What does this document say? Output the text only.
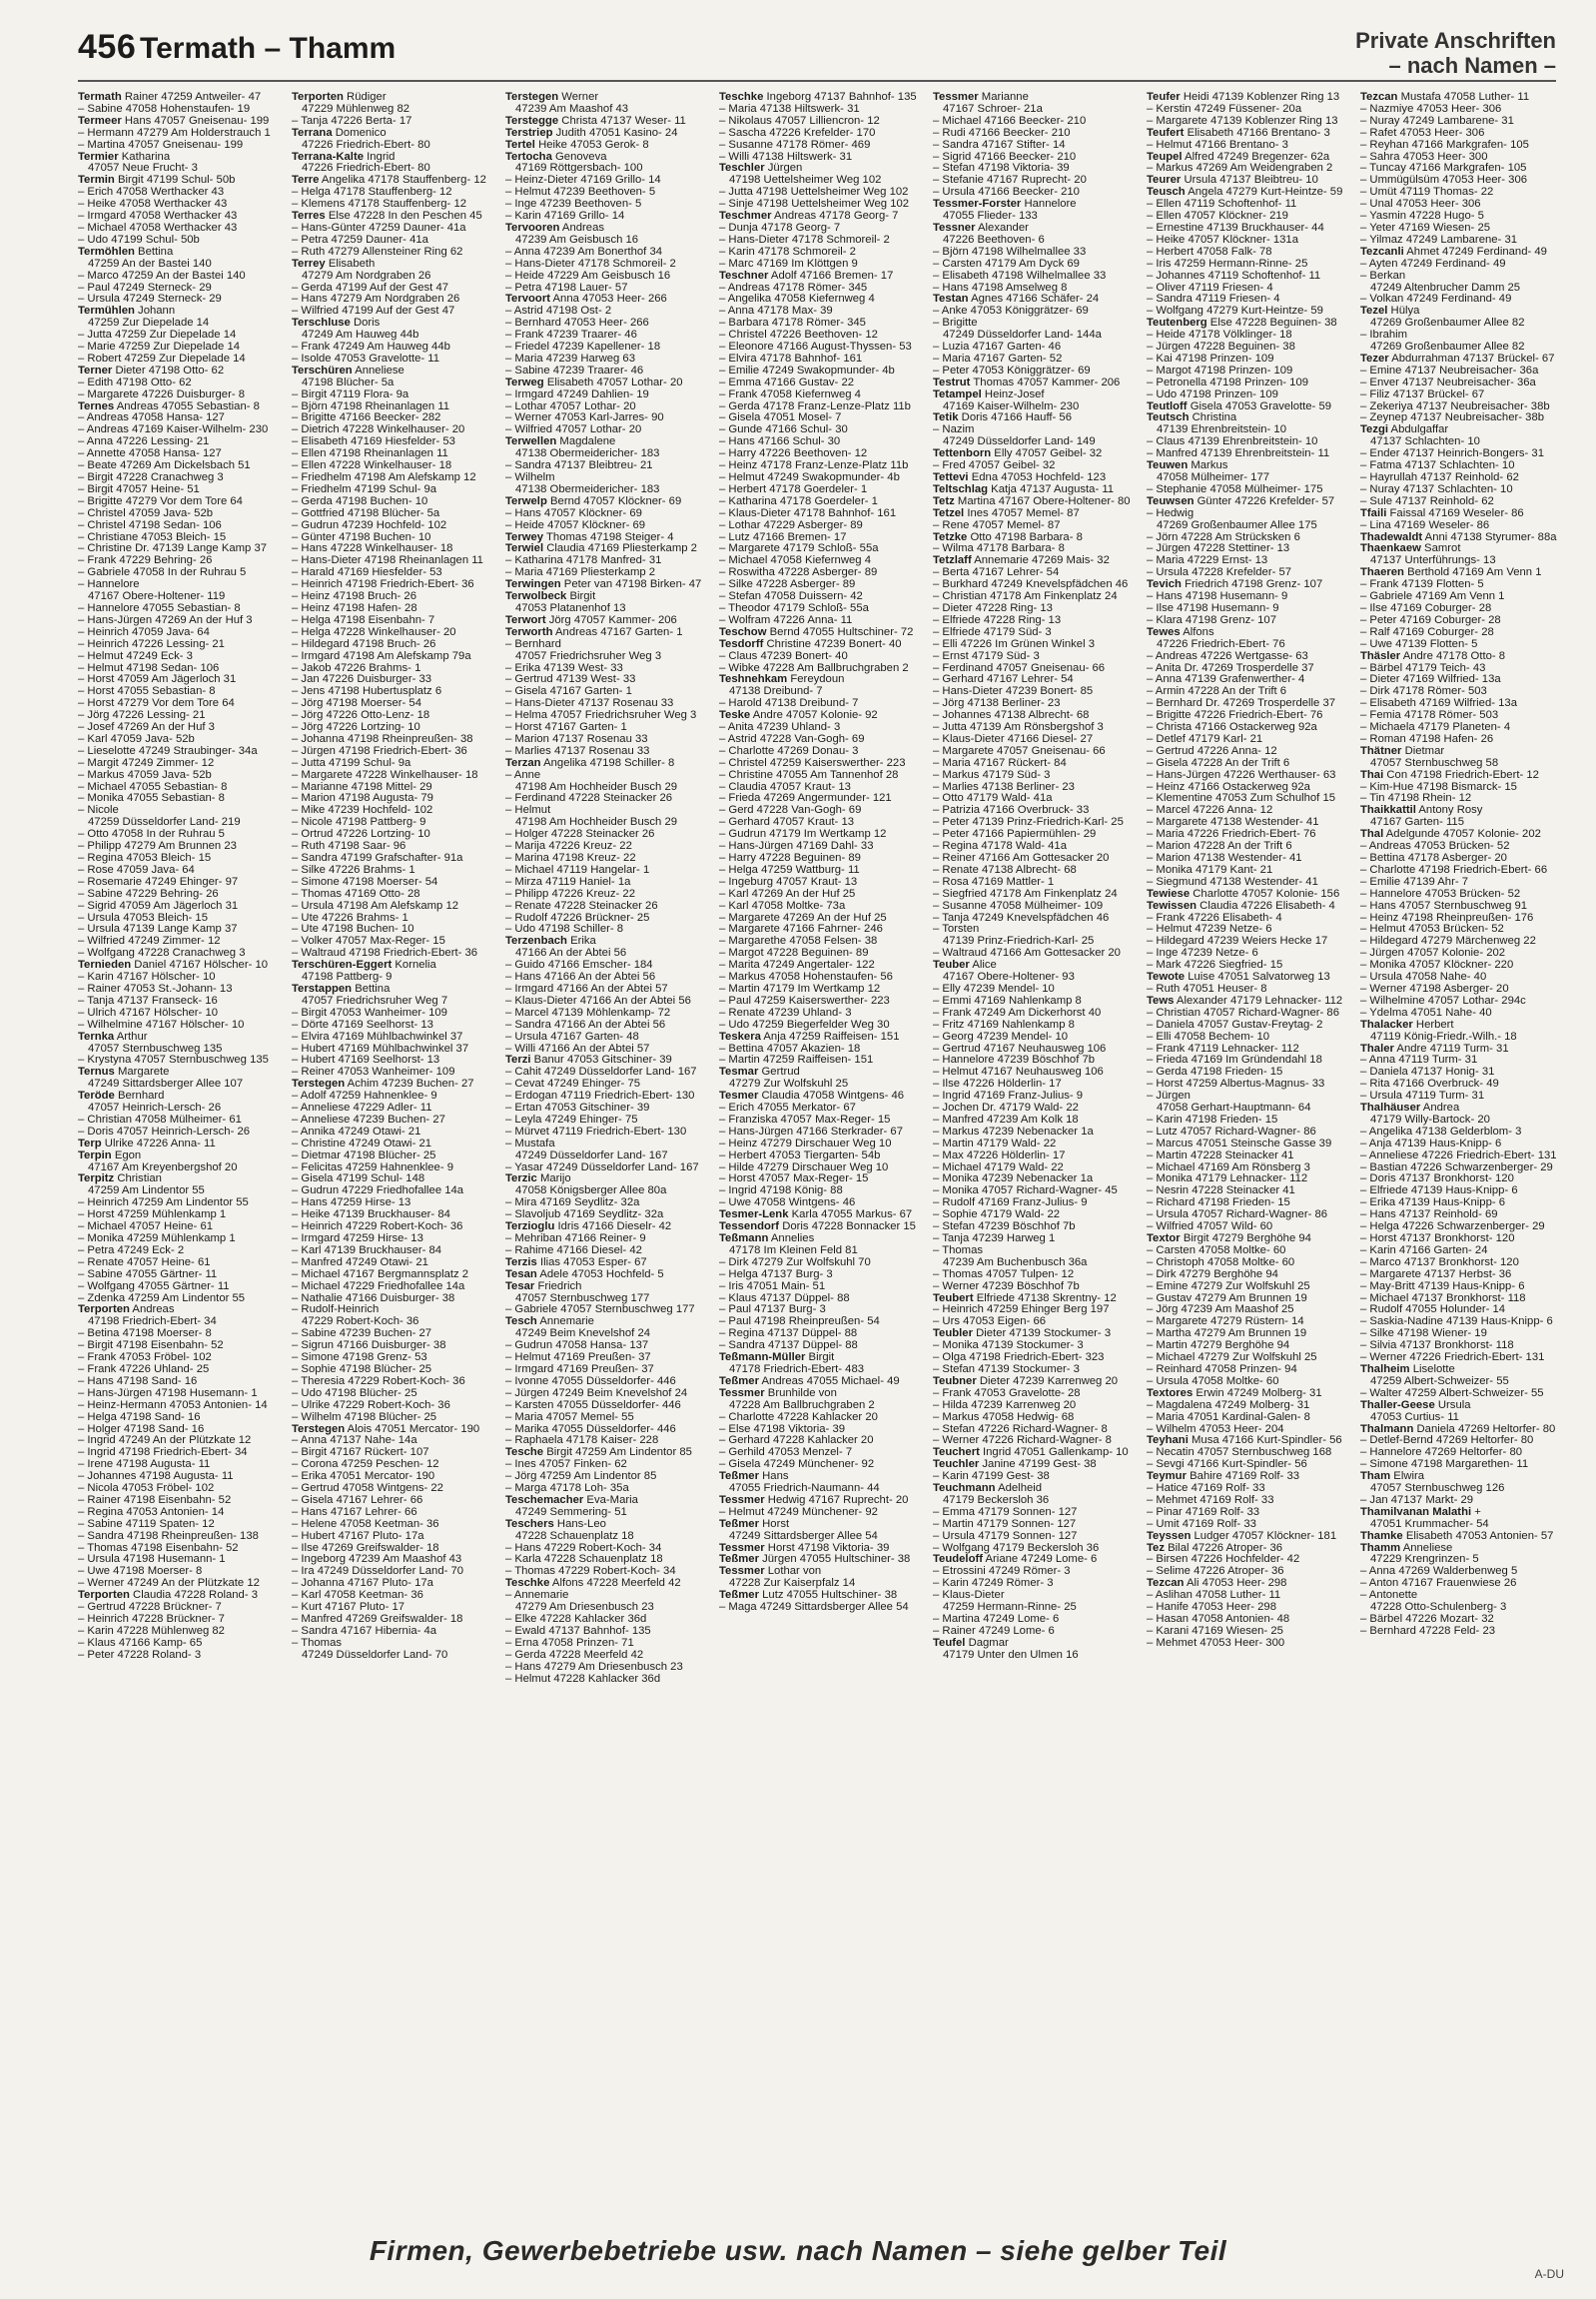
456 Termath – Thamm	Private Anschriften
– nach Namen –
Termath Rainer 47259 Antweiler- 47
– Sabine 47058 Hohenstaufen- 19
Termeer Hans 47057 Gneisenau- 199
– Hermann 47279 Am Holderstrauch 1
– Martina 47057 Gneisenau- 199
Termier Katharina
47057 Neue Frucht- 3
Termin Birgit 47199 Schul- 50b
– Erich 47058 Werthacker 43
– Heike 47058 Werthacker 43
– Irmgard 47058 Werthacker 43
– Michael 47058 Werthacker 43
– Udo 47199 Schul- 50b
Termöhlen Bettina
47259 An der Bastei 140
– Marco 47259 An der Bastei 140
– Paul 47249 Sterneck- 29
– Ursula 47249 Sterneck- 29
Termühlen Johann
47259 Zur Diepelade 14
– Jutta 47259 Zur Diepelade 14
– Marie 47259 Zur Diepelade 14
– Robert 47259 Zur Diepelade 14
Terner Dieter 47198 Otto- 62
– Edith 47198 Otto- 62
– Margarete 47226 Duisburger- 8
Ternes Andreas 47055 Sebastian- 8
– Andreas 47058 Hansa- 127
– Andreas 47169 Kaiser-Wilhelm- 230
– Anna 47226 Lessing- 21
– Annette 47058 Hansa- 127
– Beate 47269 Am Dickelsbach 51
– Birgit 47228 Cranachweg 3
– Birgit 47057 Heine- 51
– Brigitte 47279 Vor dem Tore 64
– Christel 47059 Java- 52b
– Christel 47198 Sedan- 106
– Christiane 47053 Bleich- 15
– Christine Dr. 47139 Lange Kamp 37
– Frank 47229 Behring- 26
– Gabriele 47058 In der Ruhrau 5
– Hannelore
47167 Obere-Holtener- 119
– Hannelore 47055 Sebastian- 8
– Hans-Jürgen 47269 An der Huf 3
– Heinrich 47059 Java- 64
– Heinrich 47226 Lessing- 21
– Helmut 47249 Eck- 3
– Helmut 47198 Sedan- 106
– Horst 47059 Am Jägerloch 31
– Horst 47055 Sebastian- 8
– Horst 47279 Vor dem Tore 64
– Jörg 47226 Lessing- 21
– Josef 47269 An der Huf 3
– Karl 47059 Java- 52b
– Lieselotte 47249 Straubinger- 34a
– Margit 47249 Zimmer- 12
– Markus 47059 Java- 52b
– Michael 47055 Sebastian- 8
– Monika 47055 Sebastian- 8
– Nicole
47259 Düsseldorfer Land- 219
– Otto 47058 In der Ruhrau 5
– Philipp 47279 Am Brunnen 23
– Regina 47053 Bleich- 15
– Rose 47059 Java- 64
– Rosemarie 47249 Ehinger- 97
– Sabine 47229 Behring- 26
– Sigrid 47059 Am Jägerloch 31
– Ursula 47053 Bleich- 15
– Ursula 47139 Lange Kamp 37
– Wilfried 47249 Zimmer- 12
– Wolfgang 47228 Cranachweg 3
Ternieden Daniel 47167 Hölscher- 10
– Karin 47167 Hölscher- 10
– Rainer 47053 St.-Johann- 13
– Tanja 47137 Franseck- 16
– Ulrich 47167 Hölscher- 10
– Wilhelmine 47167 Hölscher- 10
Ternka Arthur
47057 Sternbuschweg 135
– Krystyna 47057 Sternbuschweg 135
Ternus Margarete
47249 Sittardsberger Allee 107
Teröde Bernhard
47057 Heinrich-Lersch- 26
– Christian 47058 Mülheimer- 61
– Doris 47057 Heinrich-Lersch- 26
Terp Ulrike 47226 Anna- 11
Terpin Egon
47167 Am Kreyenbergshof 20
Terpitz Christian
47259 Am Lindentor 55
– Heinrich 47259 Am Lindentor 55
– Horst 47259 Mühlenkamp 1
– Michael 47057 Heine- 61
– Monika 47259 Mühlenkamp 1
– Petra 47249 Eck- 2
– Renate 47057 Heine- 61
– Sabine 47055 Gärtner- 11
– Wolfgang 47055 Gärtner- 11
– Zdenka 47259 Am Lindentor 55
Terporten Andreas
47198 Friedrich-Ebert- 34
– Betina 47198 Moerser- 8
– Birgit 47198 Eisenbahn- 52
– Frank 47053 Fröbel- 102
– Frank 47226 Uhland- 25
– Hans 47198 Sand- 16
– Hans-Jürgen 47198 Husemann- 1
– Heinz-Hermann 47053 Antonien- 14
– Helga 47198 Sand- 16
– Holger 47198 Sand- 16
– Ingrid 47249 An der Plützkate 12
– Ingrid 47198 Friedrich-Ebert- 34
– Irene 47198 Augusta- 11
– Johannes 47198 Augusta- 11
– Nicola 47053 Fröbel- 102
– Rainer 47198 Eisenbahn- 52
– Regina 47053 Antonien- 14
– Sabine 47119 Spaten- 12
– Sandra 47198 Rheinpreußen- 138
– Thomas 47198 Eisenbahn- 52
– Ursula 47198 Husemann- 1
– Uwe 47198 Moerser- 8
– Werner 47249 An der Plützkate 12
Terporten Claudia 47228 Roland- 3
– Gertrud 47228 Brückner- 7
– Heinrich 47228 Brückner- 7
– Karin 47228 Mühlenweg 82
– Klaus 47166 Kamp- 65
– Peter 47228 Roland- 3
Terporten Rüdiger
47229 Mühlenweg 82
– Tanja 47226 Berta- 17
Terrana Domenico
47226 Friedrich-Ebert- 80
Terrana-Kalte Ingrid
47226 Friedrich-Ebert- 80
Terre Angelika 47178 Stauffenberg- 12
– Helga 47178 Stauffenberg- 12
– Klemens 47178 Stauffenberg- 12
Terres Else 47228 In den Peschen 45
– Hans-Günter 47259 Dauner- 41a
– Petra 47259 Dauner- 41a
– Ruth 47279 Allensteiner Ring 62
Terrey Elisabeth
47279 Am Nordgraben 26
– Gerda 47199 Auf der Gest 47
– Hans 47279 Am Nordgraben 26
– Wilfried 47199 Auf der Gest 47
Terschluse Doris
47249 Am Hauweg 44b
– Frank 47249 Am Hauweg 44b
– Isolde 47053 Gravelotte- 11
Terschüren Anneliese
47198 Blücher- 5a
– Birgit 47119 Flora- 9a
– Björn 47198 Rheinanlagen 11
– Brigitte 47166 Beecker- 282
– Dietrich 47228 Winkelhauser- 20
– Elisabeth 47169 Hiesfelder- 53
– Ellen 47198 Rheinanlagen 11
– Ellen 47228 Winkelhauser- 18
– Friedhelm 47198 Am Alefskamp 12
– Friedhelm 47199 Schul- 9a
– Gerda 47198 Buchen- 10
– Gottfried 47198 Blücher- 5a
– Gudrun 47239 Hochfeld- 102
– Günter 47198 Buchen- 10
– Hans 47228 Winkelhauser- 18
– Hans-Dieter 47198 Rheinanlagen 11
– Harald 47169 Hiesfelder- 53
– Heinrich 47198 Friedrich-Ebert- 36
– Heinz 47198 Bruch- 26
– Heinz 47198 Hafen- 28
– Helga 47198 Eisenbahn- 7
– Helga 47228 Winkelhauser- 20
– Hildegard 47198 Bruch- 26
– Irmgard 47198 Am Alefskamp 79a
– Jakob 47226 Brahms- 1
– Jan 47226 Duisburger- 33
– Jens 47198 Hubertusplatz 6
– Jörg 47198 Moerser- 54
– Jörg 47226 Otto-Lenz- 18
– Jörg 47226 Lortzing- 10
– Johanna 47198 Rheinpreußen- 38
– Jürgen 47198 Friedrich-Ebert- 36
– Jutta 47199 Schul- 9a
– Margarete 47228 Winkelhauser- 18
– Marianne 47198 Mittel- 29
– Marion 47198 Augusta- 79
– Mike 47239 Hochfeld- 102
– Nicole 47198 Pattberg- 9
– Ortrud 47226 Lortzing- 10
– Ruth 47198 Saar- 96
– Sandra 47199 Grafschafter- 91a
– Silke 47226 Brahms- 1
– Simone 47198 Moerser- 54
– Thomas 47169 Otto- 28
– Ursula 47198 Am Alefskamp 12
– Ute 47226 Brahms- 1
– Ute 47198 Buchen- 10
– Volker 47057 Max-Reger- 15
– Waltraud 47198 Friedrich-Ebert- 36
Terschüren-Eggert Kornelia
47198 Pattberg- 9
Terstappen Bettina
47057 Friedrichsruher Weg 7
– Birgit 47053 Wanheimer- 109
– Dörte 47169 Seelhorst- 13
– Elvira 47169 Mühlbachwinkel 37
– Hubert 47169 Mühlbachwinkel 37
– Hubert 47169 Seelhorst- 13
– Reiner 47053 Wanheimer- 109
Terstegen Achim 47239 Buchen- 27
– Adolf 47259 Hahnenklee- 9
– Anneliese 47229 Adler- 11
– Anneliese 47239 Buchen- 27
– Annika 47249 Otawi- 21
– Christine 47249 Otawi- 21
– Dietmar 47198 Blücher- 25
– Felicitas 47259 Hahnenklee- 9
– Gisela 47199 Schul- 148
– Gudrun 47229 Friedhofallee 14a
– Hans 47259 Hirse- 13
– Heike 47139 Bruckhauser- 84
– Heinrich 47229 Robert-Koch- 36
– Irmgard 47259 Hirse- 13
– Karl 47139 Bruckhauser- 84
– Manfred 47249 Otawi- 21
– Michael 47167 Bergmannsplatz 2
– Michael 47229 Friedhofallee 14a
– Nathalie 47166 Duisburger- 38
– Rudolf-Heinrich
47229 Robert-Koch- 36
– Sabine 47239 Buchen- 27
– Sigrun 47166 Duisburger- 38
– Simone 47198 Grenz- 53
– Sophie 47198 Blücher- 25
– Theresia 47229 Robert-Koch- 36
– Udo 47198 Blücher- 25
– Ulrike 47229 Robert-Koch- 36
– Wilhelm 47198 Blücher- 25
Terstegen Alois 47051 Mercator- 190
– Anna 47137 Nahe- 14a
– Birgit 47167 Rückert- 107
– Corona 47259 Peschen- 12
– Erika 47051 Mercator- 190
– Gertrud 47058 Wintgens- 22
– Gisela 47167 Lehrer- 66
– Hans 47167 Lehrer- 66
– Helene 47058 Keetman- 36
– Hubert 47167 Pluto- 17a
– Ilse 47269 Greifswalder- 18
– Ingeborg 47239 Am Maashof 43
– Ira 47249 Düsseldorfer Land- 70
– Johanna 47167 Pluto- 17a
– Karl 47058 Keetman- 36
– Kurt 47167 Pluto- 17
– Manfred 47269 Greifswalder- 18
– Sandra 47167 Hibernia- 4a
– Thomas
47249 Düsseldorfer Land- 70
Terstegen Werner
47239 Am Maashof 43
Terstegge Christa 47137 Weser- 11
Terstriep Judith 47051 Kasino- 24
Tertel Heike 47053 Gerok- 8
Tertocha Genoveva
47169 Röttgersbach- 100
– Heinz-Dieter 47169 Grillo- 14
– Helmut 47239 Beethoven- 5
– Inge 47239 Beethoven- 5
– Karin 47169 Grillo- 14
Tervooren Andreas
47239 Am Geisbusch 16
– Anna 47239 Am Bonerthof 34
– Hans-Dieter 47178 Schmoreil- 2
– Heide 47229 Am Geisbusch 16
– Petra 47198 Lauer- 57
Tervoort Anna 47053 Heer- 266
– Astrid 47198 Ost- 2
– Bernhard 47053 Heer- 266
– Frank 47239 Traarer- 46
– Friedel 47239 Kapellener- 18
– Maria 47239 Harweg 63
– Sabine 47239 Traarer- 46
Terweg Elisabeth 47057 Lothar- 20
– Irmgard 47249 Dahlien- 19
– Lothar 47057 Lothar- 20
– Werner 47053 Karl-Jarres- 90
– Wilfried 47057 Lothar- 20
Terwellen Magdalene
47138 Obermeidericher- 183
– Sandra 47137 Bleibtreu- 21
– Wilhelm
47138 Obermeidericher- 183
Terwelp Bernd 47057 Klöckner- 69
– Hans 47057 Klöckner- 69
– Heide 47057 Klöckner- 69
Terwey Thomas 47198 Steiger- 4
Terwiel Claudia 47169 Pliesterkamp 2
– Katharina 47178 Manfred- 31
– Maria 47169 Pliesterkamp 2
Terwingen Peter van 47198 Birken- 47
Terwolbeck Birgit
47053 Platanenhof 13
Terwort Jörg 47057 Kammer- 206
Terworth Andreas 47167 Garten- 1
– Bernhard
47057 Friedrichsruher Weg 3
– Erika 47139 West- 33
– Gertrud 47139 West- 33
– Gisela 47167 Garten- 1
– Hans-Dieter 47137 Rosenau 33
– Helma 47057 Friedrichsruher Weg 3
– Horst 47167 Garten- 1
– Marion 47137 Rosenau 33
– Marlies 47137 Rosenau 33
Terzan Angelika 47198 Schiller- 8
– Anne
47198 Am Hochheider Busch 29
– Ferdinand 47228 Steinacker 26
– Helmut
47198 Am Hochheider Busch 29
– Holger 47228 Steinacker 26
– Marija 47226 Kreuz- 22
– Marina 47198 Kreuz- 22
– Michael 47119 Hangelar- 1
– Mirza 47119 Haniel- 1a
– Philipp 47226 Kreuz- 22
– Renate 47228 Steinacker 26
– Rudolf 47226 Brückner- 25
– Udo 47198 Schiller- 8
Terzenbach Erika
47166 An der Abtei 56
– Guido 47166 Emscher- 184
– Hans 47166 An der Abtei 56
– Irmgard 47166 An der Abtei 57
– Klaus-Dieter 47166 An der Abtei 56
– Marcel 47139 Möhlenkamp- 72
– Sandra 47166 An der Abtei 56
– Ursula 47167 Garten- 48
– Willi 47166 An der Abtei 57
Terzi Banur 47053 Gitschiner- 39
– Cahit 47249 Düsseldorfer Land- 167
– Cevat 47249 Ehinger- 75
– Erdogan 47119 Friedrich-Ebert- 130
– Ertan 47053 Gitschiner- 39
– Leyla 47249 Ehinger- 75
– Mürvet 47119 Friedrich-Ebert- 130
– Mustafa
47249 Düsseldorfer Land- 167
– Yasar 47249 Düsseldorfer Land- 167
Terzic Marijo
47058 Königsberger Allee 80a
– Mira 47169 Seydlitz- 32a
– Slavoljub 47169 Seydlitz- 32a
Terzioglu Idris 47166 Dieselr- 42
– Mehriban 47166 Reiner- 9
– Rahime 47166 Diesel- 42
Terzis Ilias 47053 Esper- 67
Tesan Adele 47053 Hochfeld- 5
Tesar Friedrich
47057 Sternbuschweg 177
– Gabriele 47057 Sternbuschweg 177
Tesch Annemarie
47249 Beim Knevelshof 24
– Gudrun 47058 Hansa- 137
– Helmut 47169 Preußen- 37
– Irmgard 47169 Preußen- 37
– Ivonne 47055 Düsseldorfer- 446
– Jürgen 47249 Beim Knevelshof 24
– Karsten 47055 Düsseldorfer- 446
– Maria 47057 Memel- 55
– Marika 47055 Düsseldorfer- 446
– Raphaela 47178 Kaiser- 228
Tesche Birgit 47259 Am Lindentor 85
– Ines 47057 Finken- 62
– Jörg 47259 Am Lindentor 85
– Marga 47178 Loh- 35a
Teschemacher Eva-Maria
47249 Semmering- 51
Teschers Hans-Leo
47228 Schauenplatz 18
– Hans 47229 Robert-Koch- 34
– Karla 47228 Schauenplatz 18
– Thomas 47229 Robert-Koch- 34
Teschke Alfons 47228 Meerfeld 42
– Annemarie
47279 Am Driesenbusch 23
– Elke 47228 Kahlacker 36d
– Ewald 47137 Bahnhof- 135
– Erna 47058 Prinzen- 71
– Gerda 47228 Meerfeld 42
– Hans 47279 Am Driesenbusch 23
– Helmut 47228 Kahlacker 36d
Teschke Ingeborg 47137 Bahnhof- 135
– Maria 47138 Hiltswerk- 31
– Nikolaus 47057 Lilliencron- 12
– Sascha 47226 Krefelder- 170
– Susanne 47178 Römer- 469
– Willi 47138 Hiltswerk- 31
Teschler Jürgen
47198 Uettelsheimer Weg 102
– Jutta 47198 Uettelsheimer Weg 102
– Sinje 47198 Uettelsheimer Weg 102
Teschmer Andreas 47178 Georg- 7
– Dunja 47178 Georg- 7
– Hans-Dieter 47178 Schmoreil- 2
– Karin 47178 Schmoreil- 2
– Marc 47169 Im Klöttgen 9
Teschner Adolf 47166 Bremen- 17
– Andreas 47178 Römer- 345
– Angelika 47058 Kiefernweg 4
– Anna 47178 Max- 39
– Barbara 47178 Römer- 345
– Christel 47226 Beethoven- 12
– Eleonore 47166 August-Thyssen- 53
– Elvira 47178 Bahnhof- 161
– Emilie 47249 Swakopmunder- 4b
– Emma 47166 Gustav- 22
– Frank 47058 Kiefernweg 4
– Gerda 47178 Franz-Lenze-Platz 11b
– Gisela 47051 Mosel- 7
– Gunde 47166 Schul- 30
– Hans 47166 Schul- 30
– Harry 47226 Beethoven- 12
– Heinz 47178 Franz-Lenze-Platz 11b
– Helmut 47249 Swakopmunder- 4b
– Herbert 47178 Goerdeler- 1
– Katharina 47178 Goerdeler- 1
– Klaus-Dieter 47178 Bahnhof- 161
– Lothar 47229 Asberger- 89
– Lutz 47166 Bremen- 17
– Margarete 47179 Schloß- 55a
– Michael 47058 Kiefernweg 4
– Roswitha 47228 Asberger- 89
– Silke 47228 Asberger- 89
– Stefan 47058 Duissern- 42
– Theodor 47179 Schloß- 55a
– Wolfram 47226 Anna- 11
Teschow Bernd 47055 Hultschiner- 72
Tesdorff Christine 47239 Bonert- 40
– Claus 47239 Bonert- 40
– Wibke 47228 Am Ballbruchgraben 2
Teshnehkam Fereydoun
47138 Dreibund- 7
– Harold 47138 Dreibund- 7
Teske Andre 47057 Kolonie- 92
– Anita 47239 Uhland- 3
– Astrid 47228 Van-Gogh- 69
– Charlotte 47269 Donau- 3
– Christel 47259 Kaiserswerther- 223
– Christine 47055 Am Tannenhof 28
– Claudia 47057 Kraut- 13
– Frieda 47269 Angermunder- 121
– Gerd 47228 Van-Gogh- 69
– Gerhard 47057 Kraut- 13
– Gudrun 47179 Im Wertkamp 12
– Hans-Jürgen 47169 Dahl- 33
– Harry 47228 Beguinen- 89
– Helga 47259 Wattburg- 11
– Ingeburg 47057 Kraut- 13
– Karl 47269 An der Huf 25
– Karl 47058 Moltke- 73a
– Margarete 47269 An der Huf 25
– Margarete 47166 Fahrner- 246
– Margarethe 47058 Felsen- 38
– Margot 47228 Beguinen- 89
– Marita 47249 Angertaler- 122
– Markus 47058 Hohenstaufen- 56
– Martin 47179 Im Wertkamp 12
– Paul 47259 Kaiserswerther- 223
– Renate 47239 Uhland- 3
– Udo 47259 Biegerfelder Weg 30
Teskera Anja 47259 Raiffeisen- 151
– Bettina 47057 Akazien- 18
– Martin 47259 Raiffeisen- 151
Tesmar Gertrud
47279 Zur Wolfskuhl 25
Tesmer Claudia 47058 Wintgens- 46
– Erich 47055 Merkator- 67
– Franziska 47057 Max-Reger- 15
– Hans-Jürgen 47166 Sterkrader- 67
– Heinz 47279 Dirschauer Weg 10
– Herbert 47053 Tiergarten- 54b
– Hilde 47279 Dirschauer Weg 10
– Horst 47057 Max-Reger- 15
– Ingrid 47198 König- 88
– Uwe 47058 Wintgens- 46
Tesmer-Lenk Karla 47055 Markus- 67
Tessendorf Doris 47228 Bonnacker 15
Teßmann Annelies
47178 Im Kleinen Feld 81
– Dirk 47279 Zur Wolfskuhl 70
– Helga 47137 Burg- 3
– Iris 47051 Main- 51
– Klaus 47137 Düppel- 88
– Paul 47137 Burg- 3
– Paul 47198 Rheinpreußen- 54
– Regina 47137 Düppel- 88
– Sandra 47137 Düppel- 88
Teßmann-Müller Birgit
47178 Friedrich-Ebert- 483
Teßmer Andreas 47055 Michael- 49
Tessmer Brunhilde von
47228 Am Ballbruchgraben 2
– Charlotte 47228 Kahlacker 20
– Else 47198 Viktoria- 39
– Gerhard 47228 Kahlacker 20
– Gerhild 47053 Menzel- 7
– Gisela 47249 Münchener- 92
Teßmer Hans
47055 Friedrich-Naumann- 44
Tessmer Hedwig 47167 Ruprecht- 20
– Helmut 47249 Münchener- 92
Teßmer Horst
47249 Sittardsberger Allee 54
Tessmer Horst 47198 Viktoria- 39
Teßmer Jürgen 47055 Hultschiner- 38
Tessmer Lothar von
47228 Zur Kaiserpfalz 14
Teßmer Lutz 47055 Hultschiner- 38
– Maga 47249 Sittardsberger Allee 54
Tessmer Marianne
47167 Schroer- 21a
– Michael 47166 Beecker- 210
– Rudi 47166 Beecker- 210
– Sandra 47167 Stifter- 14
– Sigrid 47166 Beecker- 210
– Stefan 47198 Viktoria- 39
– Stefanie 47167 Ruprecht- 20
– Ursula 47166 Beecker- 210
Tessmer-Forster Hannelore
47055 Flieder- 133
Tessner Alexander
47226 Beethoven- 6
– Björn 47198 Wilhelmallee 33
– Carsten 47179 Am Dyck 69
– Elisabeth 47198 Wilhelmallee 33
– Hans 47198 Amselweg 8
Testan Agnes 47166 Schäfer- 24
– Anke 47053 Königgrätzer- 69
– Brigitte
47249 Düsseldorfer Land- 144a
– Luzia 47167 Garten- 46
– Maria 47167 Garten- 52
– Peter 47053 Königgrätzer- 69
Testrut Thomas 47057 Kammer- 206
Tetampel Heinz-Josef
47169 Kaiser-Wilhelm- 230
Tetik Doris 47166 Hauff- 56
– Nazim
47249 Düsseldorfer Land- 149
Tettenborn Elly 47057 Geibel- 32
– Fred 47057 Geibel- 32
Tettevi Edna 47053 Hochfeld- 123
Teltschlag Katja 47137 Augusta- 11
Tetz Martina 47167 Obere-Holtener- 80
Tetzel Ines 47057 Memel- 87
– Rene 47057 Memel- 87
Tetzke Otto 47198 Barbara- 8
– Wilma 47178 Barbara- 8
Tetzlaff Annemarie 47269 Mais- 32
– Berta 47167 Lehrer- 54
– Burkhard 47249 Knevelspfädchen 46
– Christian 47178 Am Finkenplatz 24
– Dieter 47228 Ring- 13
– Elfriede 47228 Ring- 13
– Elfriede 47179 Süd- 3
– Elli 47226 Im Grünen Winkel 3
– Ernst 47179 Süd- 3
– Ferdinand 47057 Gneisenau- 66
– Gerhard 47167 Lehrer- 54
– Hans-Dieter 47239 Bonert- 85
– Jörg 47138 Berliner- 23
– Johannes 47138 Albrecht- 68
– Jutta 47139 Am Rönsbergshof 3
– Klaus-Dieter 47166 Diesel- 27
– Margarete 47057 Gneisenau- 66
– Maria 47167 Rückert- 84
– Markus 47179 Süd- 3
– Marlies 47138 Berliner- 23
– Otto 47179 Wald- 41a
– Patrizia 47166 Overbruck- 33
– Peter 47139 Prinz-Friedrich-Karl- 25
– Peter 47166 Papiermühlen- 29
– Regina 47178 Wald- 41a
– Reiner 47166 Am Gottesacker 20
– Renate 47138 Albrecht- 68
– Rosa 47169 Mattler- 1
– Siegfried 47178 Am Finkenplatz 24
– Susanne 47058 Mülheimer- 109
– Tanja 47249 Knevelspfädchen 46
– Torsten
47139 Prinz-Friedrich-Karl- 25
– Waltraud 47166 Am Gottesacker 20
Teuber Alice
47167 Obere-Holtener- 93
– Elly 47239 Mendel- 10
– Emmi 47169 Nahlenkamp 8
– Frank 47249 Am Dickerhorst 40
– Fritz 47169 Nahlenkamp 8
– Georg 47239 Mendel- 10
– Gertrud 47167 Neuhausweg 106
– Hannelore 47239 Böschhof 7b
– Helmut 47167 Neuhausweg 106
– Ilse 47226 Hölderlin- 17
– Ingrid 47169 Franz-Julius- 9
– Jochen Dr. 47179 Wald- 22
– Manfred 47239 Am Kolk 18
– Markus 47239 Nebenacker 1a
– Martin 47179 Wald- 22
– Max 47226 Hölderlin- 17
– Michael 47179 Wald- 22
– Monika 47239 Nebenacker 1a
– Monika 47057 Richard-Wagner- 45
– Rudolf 47169 Franz-Julius- 9
– Sophie 47179 Wald- 22
– Stefan 47239 Böschhof 7b
– Tanja 47239 Harweg 1
– Thomas
47239 Am Buchenbusch 36a
– Thomas 47057 Tulpen- 12
– Werner 47239 Böschhof 7b
Teubert Elfriede 47138 Skrentny- 12
– Heinrich 47259 Ehinger Berg 197
– Urs 47053 Eigen- 66
Teubler Dieter 47139 Stockumer- 3
– Monika 47139 Stockumer- 3
– Olga 47198 Friedrich-Ebert- 323
– Stefan 47139 Stockumer- 3
Teubner Dieter 47239 Karrenweg 20
– Frank 47053 Gravelotte- 28
– Hilda 47239 Karrenweg 20
– Markus 47058 Hedwig- 68
– Stefan 47226 Richard-Wagner- 8
– Werner 47226 Richard-Wagner- 8
Teuchert Ingrid 47051 Gallenkamp- 10
Teuchler Janine 47199 Gest- 38
– Karin 47199 Gest- 38
Teuchmann Adelheid
47179 Beckersloh 36
– Emma 47179 Sonnen- 127
– Martin 47179 Sonnen- 127
– Ursula 47179 Sonnen- 127
– Wolfgang 47179 Beckersloh 36
Teudeloff Ariane 47249 Lome- 6
– Etrossini 47249 Römer- 3
– Karin 47249 Römer- 3
– Klaus-Dieter
47259 Hermann-Rinne- 25
– Martina 47249 Lome- 6
– Rainer 47249 Lome- 6
Teufel Dagmar
47179 Unter den Ulmen 16
Teufer Heidi 47139 Koblenzer Ring 13
– Kerstin 47249 Füssener- 20a
– Margarete 47139 Koblenzer Ring 13
Teufert Elisabeth 47166 Brentano- 3
– Helmut 47166 Brentano- 3
Teupel Alfred 47249 Bregenzer- 62a
– Markus 47269 Am Weidengraben 2
Teurer Ursula 47137 Bleibtreu- 10
Teusch Angela 47279 Kurt-Heintze- 59
– Ellen 47119 Schoftenhof- 11
– Ellen 47057 Klöckner- 219
– Ernestine 47139 Bruckhauser- 44
– Heike 47057 Klöckner- 131a
– Herbert 47058 Falk- 78
– Iris 47259 Hermann-Rinne- 25
– Johannes 47119 Schoftenhof- 11
– Oliver 47119 Friesen- 4
– Sandra 47119 Friesen- 4
– Wolfgang 47279 Kurt-Heintze- 59
Teutenberg Else 47228 Beguinen- 38
– Heide 47178 Völklinger- 18
– Jürgen 47228 Beguinen- 38
– Kai 47198 Prinzen- 109
– Margot 47198 Prinzen- 109
– Petronella 47198 Prinzen- 109
– Udo 47198 Prinzen- 109
Teutloff Gisela 47053 Gravelotte- 59
Teutsch Christina
47139 Ehrenbreitstein- 10
– Claus 47139 Ehrenbreitstein- 10
– Manfred 47139 Ehrenbreitstein- 11
Teuwen Markus
47058 Mülheimer- 177
– Stephanie 47058 Mülheimer- 175
Teuwsen Günter 47226 Krefelder- 57
– Hedwig
47269 Großenbaumer Allee 175
– Jörn 47228 Am Strücksken 6
– Jürgen 47228 Stettiner- 13
– Maria 47229 Ernst- 13
– Ursula 47228 Krefelder- 57
Tevich Friedrich 47198 Grenz- 107
– Hans 47198 Husemann- 9
– Ilse 47198 Husemann- 9
– Klara 47198 Grenz- 107
Tewes Alfons
47226 Friedrich-Ebert- 76
– Andreas 47226 Wertgasse- 63
– Anita Dr. 47269 Trosperdelle 37
– Anna 47139 Grafenwerther- 4
– Armin 47228 An der Trift 6
– Bernhard Dr. 47269 Trosperdelle 37
– Brigitte 47226 Friedrich-Ebert- 76
– Christa 47166 Ostackerweg 92a
– Detlef 47179 Karl- 21
– Gertrud 47226 Anna- 12
– Gisela 47228 An der Trift 6
– Hans-Jürgen 47226 Werthauser- 63
– Heinz 47166 Ostackerweg 92a
– Klementine 47053 Zum Schulhof 15
– Marcel 47226 Anna- 12
– Margarete 47138 Westender- 41
– Maria 47226 Friedrich-Ebert- 76
– Marion 47228 An der Trift 6
– Marion 47138 Westender- 41
– Monika 47179 Kant- 21
– Siegmund 47138 Westender- 41
Tewiese Charlotte 47057 Kolonie- 156
Tewissen Claudia 47226 Elisabeth- 4
– Frank 47226 Elisabeth- 4
– Helmut 47239 Netze- 6
– Hildegard 47239 Weiers Hecke 17
– Inge 47239 Netze- 6
– Mark 47226 Siegfried- 15
Tewote Luise 47051 Salvatorweg 13
– Ruth 47051 Heuser- 8
Tews Alexander 47179 Lehnacker- 112
– Christian 47057 Richard-Wagner- 86
– Daniela 47057 Gustav-Freytag- 2
– Elli 47058 Bechem- 10
– Frank 47119 Lehnacker- 112
– Frieda 47169 Im Gründendahl 18
– Gerda 47198 Frieden- 15
– Horst 47259 Albertus-Magnus- 33
– Jürgen
47058 Gerhart-Hauptmann- 64
– Karin 47198 Frieden- 15
– Lutz 47057 Richard-Wagner- 86
– Marcus 47051 Steinsche Gasse 39
– Martin 47228 Steinacker 41
– Michael 47169 Am Rönsberg 3
– Monika 47179 Lehnacker- 112
– Nesrin 47228 Steinacker 41
– Richard 47198 Frieden- 15
– Ursula 47057 Richard-Wagner- 86
– Wilfried 47057 Wild- 60
Textor Birgit 47279 Berghöhe 94
– Carsten 47058 Moltke- 60
– Christoph 47058 Moltke- 60
– Dirk 47279 Berghöhe 94
– Emine 47279 Zur Wolfskuhl 25
– Gustav 47279 Am Brunnen 19
– Jörg 47239 Am Maashof 25
– Margarete 47279 Rüstern- 14
– Martha 47279 Am Brunnen 19
– Martin 47279 Berghöhe 94
– Michael 47279 Zur Wolfskuhl 25
– Reinhard 47058 Prinzen- 94
– Ursula 47058 Moltke- 60
Textores Erwin 47249 Molberg- 31
– Magdalena 47249 Molberg- 31
– Maria 47051 Kardinal-Galen- 8
– Wilhelm 47053 Heer- 204
Teyhani Musa 47166 Kurt-Spindler- 56
– Necatin 47057 Sternbuschweg 168
– Sevgi 47166 Kurt-Spindler- 56
Teymur Bahire 47169 Rolf- 33
– Hatice 47169 Rolf- 33
– Mehmet 47169 Rolf- 33
– Pinar 47169 Rolf- 33
– Ümit 47169 Rolf- 33
Teyssen Ludger 47057 Klöckner- 181
Tez Bilal 47226 Atroper- 36
– Birsen 47226 Hochfelder- 42
– Selime 47226 Atroper- 36
Tezcan Ali 47053 Heer- 298
– Aslihan 47058 Luther- 11
– Hanife 47053 Heer- 298
– Hasan 47058 Antonien- 48
– Karani 47169 Wiesen- 25
– Mehmet 47053 Heer- 300
Tezcan Mustafa 47058 Luther- 11
– Nazmiye 47053 Heer- 306
– Nuray 47249 Lambarene- 31
– Rafet 47053 Heer- 306
– Reyhan 47166 Markgrafen- 105
– Sahra 47053 Heer- 300
– Tuncay 47166 Markgrafen- 105
– Ümmügülsüm 47053 Heer- 306
– Ümüt 47119 Thomas- 22
– Ünal 47053 Heer- 306
– Yasmin 47228 Hugo- 5
– Yeter 47169 Wiesen- 25
– Yilmaz 47249 Lambarene- 31
Tezcanli Ahmet 47249 Ferdinand- 49
– Ayten 47249 Ferdinand- 49
– Berkan
47249 Altenbrucher Damm 25
– Volkan 47249 Ferdinand- 49
Tezel Hülya
47269 Großenbaumer Allee 82
– İbrahim
47269 Großenbaumer Allee 82
Tezer Abdurrahman 47137 Brückel- 67
– Emine 47137 Neubreisacher- 36a
– Enver 47137 Neubreisacher- 36a
– Filiz 47137 Brückel- 67
– Zekeriya 47137 Neubreisacher- 38b
– Zeynep 47137 Neubreisacher- 38b
Tezgi Abdulgaffar
47137 Schlachten- 10
– Ender 47137 Heinrich-Bongers- 31
– Fatma 47137 Schlachten- 10
– Hayrullah 47137 Reinhold- 62
– Nuray 47137 Schlachten- 10
– Sule 47137 Reinhold- 62
Tfaili Faissal 47169 Weseler- 86
– Lina 47169 Weseler- 86
Thadewaldt Anni 47138 Styrumer- 88a
Thaenkaew Samrot
47137 Unterführungs- 13
Thaeren Berthold 47169 Am Venn 1
– Frank 47139 Flotten- 5
– Gabriele 47169 Am Venn 1
– Ilse 47169 Coburger- 28
– Peter 47169 Coburger- 28
– Ralf 47169 Coburger- 28
– Uwe 47139 Flotten- 5
Thäsler Andre 47178 Otto- 8
– Bärbel 47179 Teich- 43
– Dieter 47169 Wilfried- 13a
– Dirk 47178 Römer- 503
– Elisabeth 47169 Wilfried- 13a
– Femia 47178 Römer- 503
– Michaela 47179 Planeten- 4
– Roman 47198 Hafen- 26
Thätner Dietmar
47057 Sternbuschweg 58
Thai Con 47198 Friedrich-Ebert- 12
– Kim-Hue 47198 Bismarck- 15
– Tin 47198 Rhein- 12
Thaikkattil Antony Rosy
47167 Garten- 115
Thal Adelgunde 47057 Kolonie- 202
– Andreas 47053 Brücken- 52
– Bettina 47178 Asberger- 20
– Charlotte 47198 Friedrich-Ebert- 66
– Emilie 47139 Ahr- 7
– Hannelore 47053 Brücken- 52
– Hans 47057 Sternbuschweg 91
– Heinz 47198 Rheinpreußen- 176
– Helmut 47053 Brücken- 52
– Hildegard 47279 Märchenweg 22
– Jürgen 47057 Kolonie- 202
– Monika 47057 Klöckner- 220
– Ursula 47058 Nahe- 40
– Werner 47198 Asberger- 20
– Wilhelmine 47057 Lothar- 294c
– Ydelma 47051 Nahe- 40
Thalacker Herbert
47119 König-Friedr.-Wilh.- 18
Thaler Andre 47119 Turm- 31
– Anna 47119 Turm- 31
– Daniela 47137 Honig- 31
– Rita 47166 Overbruck- 49
– Ursula 47119 Turm- 31
Thalhäuser Andrea
47179 Willy-Bartock- 20
– Angelika 47138 Gelderblom- 3
– Anja 47139 Haus-Knipp- 6
– Anneliese 47226 Friedrich-Ebert- 131
– Bastian 47226 Schwarzenberger- 29
– Doris 47137 Bronkhorst- 120
– Elfriede 47139 Haus-Knipp- 6
– Erika 47139 Haus-Knipp- 6
– Hans 47137 Reinhold- 69
– Helga 47226 Schwarzenberger- 29
– Horst 47137 Bronkhorst- 120
– Karin 47166 Garten- 24
– Marco 47137 Bronkhorst- 120
– Margarete 47137 Herbst- 36
– May-Britt 47139 Haus-Knipp- 6
– Michael 47137 Bronkhorst- 118
– Rudolf 47055 Holunder- 14
– Saskia-Nadine 47139 Haus-Knipp- 6
– Silke 47198 Wiener- 19
– Silvia 47137 Bronkhorst- 118
– Werner 47226 Friedrich-Ebert- 131
Thalheim Liselotte
47259 Albert-Schweizer- 55
– Walter 47259 Albert-Schweizer- 55
Thaller-Geese Ursula
47053 Curtius- 11
Thalmann Daniela 47269 Heltorfer- 80
– Detlef-Bernd 47269 Heltorfer- 80
– Hannelore 47269 Heltorfer- 80
– Simone 47198 Margarethen- 11
Tham Elwira
47057 Sternbuschweg 126
– Jan 47137 Markt- 29
Thamilvanan Malathi +
47051 Krummacher- 54
Thamke Elisabeth 47053 Antonien- 57
Thamm Anneliese
47229 Krengrinzen- 5
– Anna 47269 Walderbenweg 5
– Anton 47167 Frauenwiese 26
– Antonette
47228 Otto-Schulenberg- 3
– Bärbel 47226 Mozart- 32
– Bernhard 47228 Feld- 23
Firmen, Gewerbebetriebe usw. nach Namen – siehe gelber Teil
A-DU
